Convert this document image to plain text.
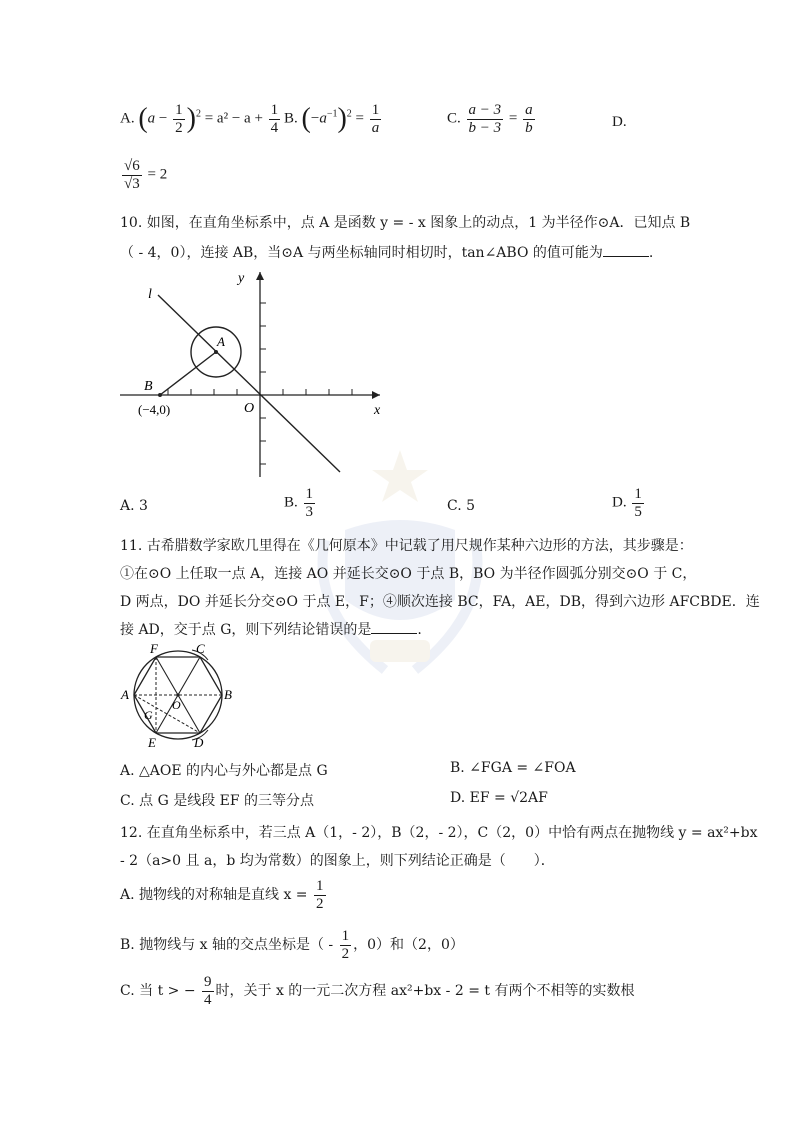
A. $(a - \frac{1}{2} )^2 = a^2 - a + \frac{1}{4} B$. $(-a^{-1})^2 = \frac{1}{a}$	C. $\frac{a - 3}{b - 3} = \frac{a}{b}$	D.
$\frac{√6}{√3} = 2$
10. 如图，在直角坐标系中，点 A 是函数 y = - x 图象上的动点，1 为半径作⊙A．已知点 B
（ - 4，0），连接 AB，当⊙A 与两坐标轴同时相切时，tan∠ABO 的值可能为	.
l
y
A
B
O	x
(−4,0)
A. 3	B. $\frac{1}{3}$	C. 5	D. $\frac{1}{5}$
11. 古希腊数学家欧几里得在《几何原本》中记载了用尺规作某种六边形的方法，其步骤是：
①在⊙O 上任取一点 A，连接 AO 并延长交⊙O 于点 B，BO 为半径作圆弧分别交⊙O 于 C，
D 两点，DO 并延长分交⊙O 于点 E，F；④顺次连接 BC，FA，AE，DB，得到六边形 AFCBDE．连
接 AD，交于点 G，则下列结论错误的是	.
F	C
A	B
O
G
E	D
A. △AOE 的内心与外心都是点 G	B. ∠FGA = ∠FOA
C. 点 G 是线段 EF 的三等分点	D. EF = √2AF
12. 在直角坐标系中，若三点 A（1，- 2），B（2，- 2），C（2，0）中恰有两点在抛物线 y = ax²+bx
- 2（a>0 且 a，b 均为常数）的图象上，则下列结论正确是（　　）．
A. 抛物线的对称轴是直线 $x = \frac{1}{2}$
B. 抛物线与 x 轴的交点坐标是（ - $\frac{1}{2}$ ，0）和（2，0）
C. 当 t > − $\frac{9}{4}$ 时，关于 x 的一元二次方程 ax²+bx - 2 = t 有两个不相等的实数根
